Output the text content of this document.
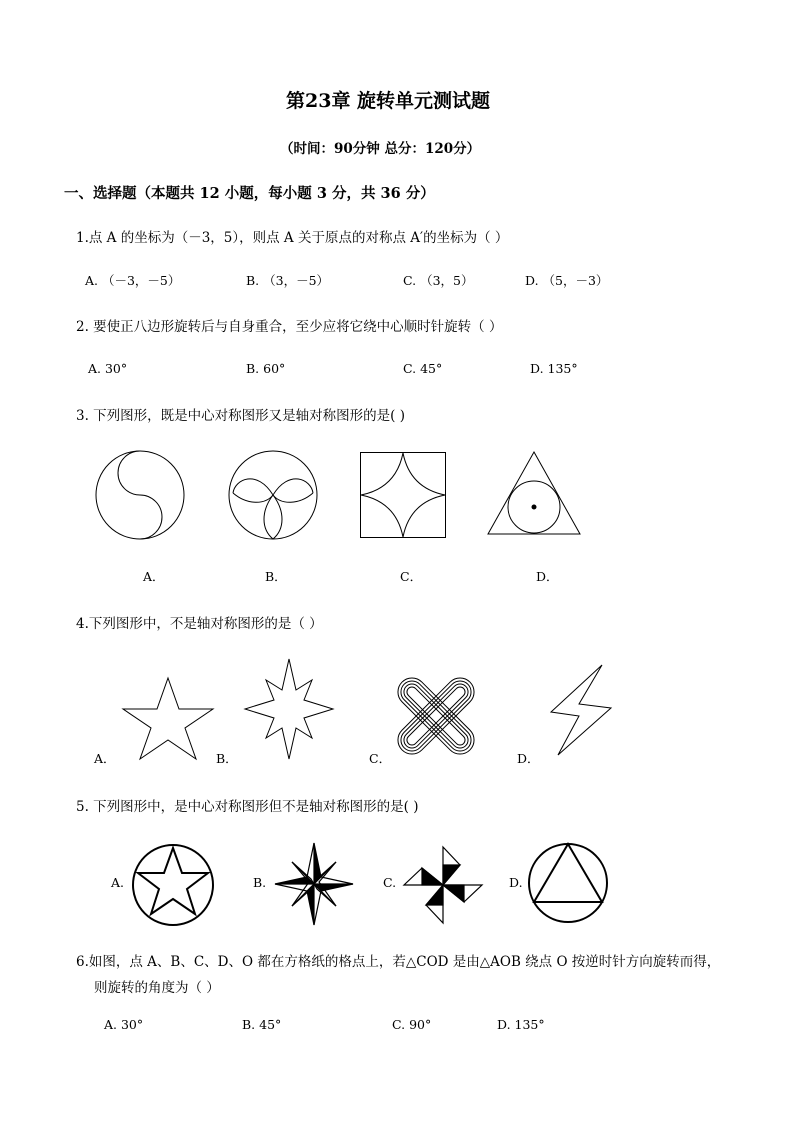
第23章 旋转单元测试题
（时间：90分钟 总分：120分）
一、选择题（本题共 12 小题，每小题 3 分，共 36 分）
1.点 A 的坐标为（－3，5），则点 A 关于原点的对称点 A′的坐标为（ ）
A. （－3，－5）	B. （3，－5）	C. （3，5）	D. （5，－3）
2. 要使正八边形旋转后与自身重合，至少应将它绕中心顺时针旋转（ ）
A. 30°	B. 60°	C. 45°	D. 135°
3. 下列图形，既是中心对称图形又是轴对称图形的是( )
A．	B．	C．	D．
4.下列图形中，不是轴对称图形的是（ ）
A．	B．	C．	D．
5. 下列图形中，是中心对称图形但不是轴对称图形的是( )
A.	B.	C.	D.
6.如图，点 A、B、C、D、O 都在方格纸的格点上，若△COD 是由△AOB 绕点 O 按逆时针方向旋转而得，
则旋转的角度为（ ）
A. 30°	B. 45°	C. 90°	D. 135°
